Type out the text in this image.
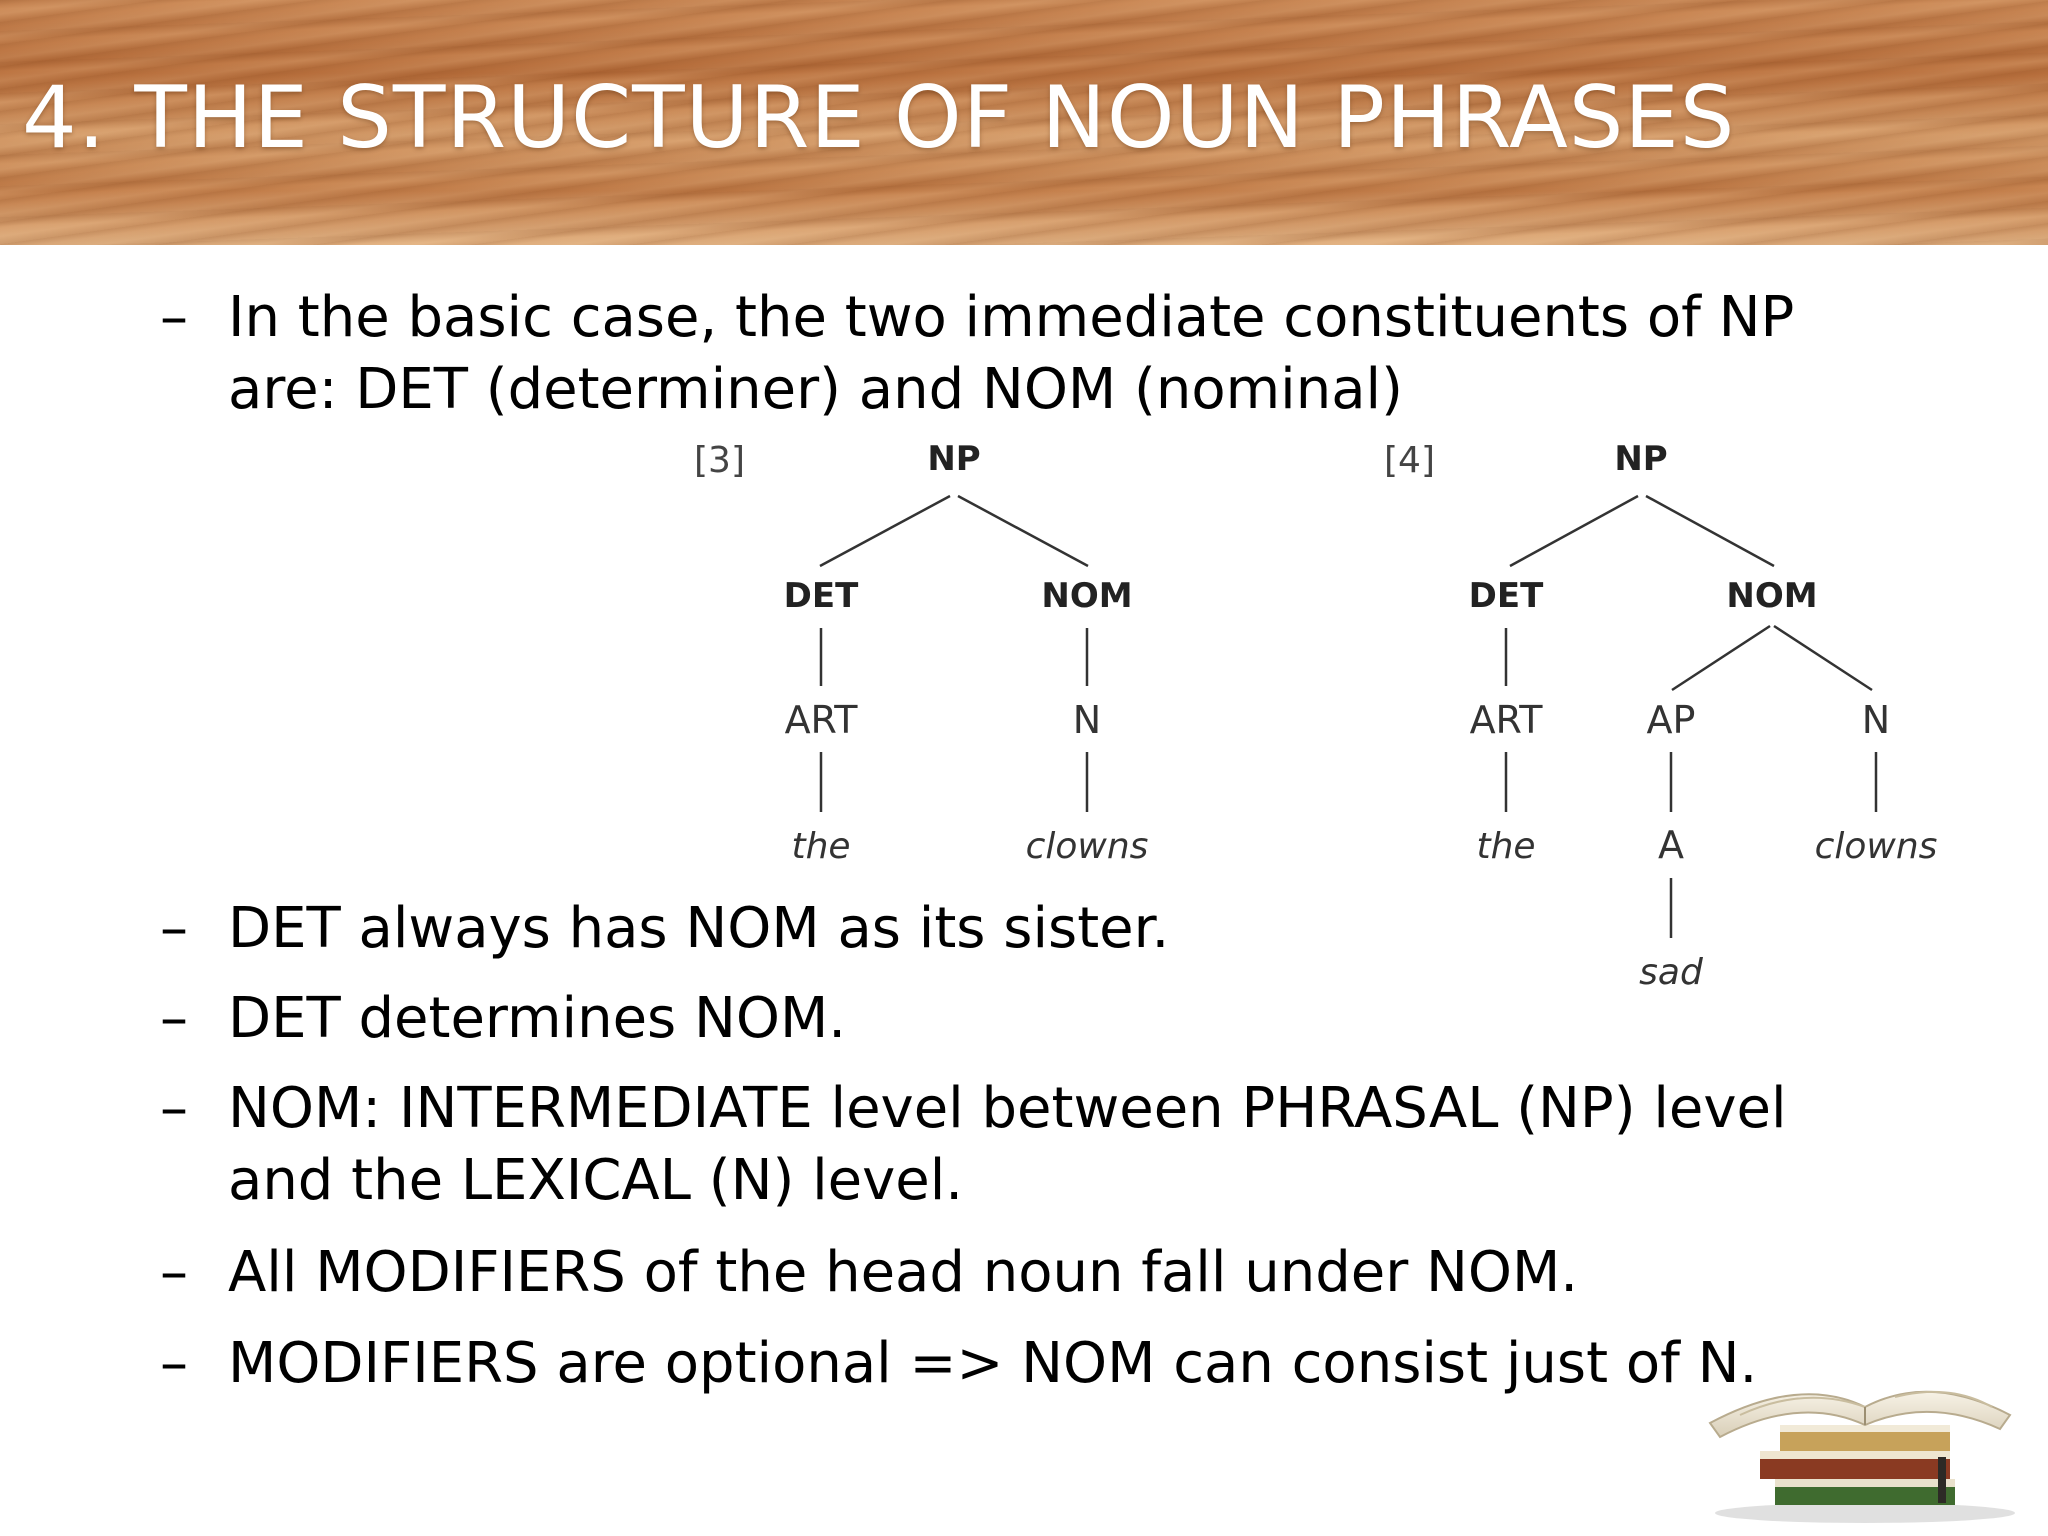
4. THE STRUCTURE OF NOUN PHRASES
– In the basic case, the two immediate constituents of NP
are: DET (determiner) and NOM (nominal)
– DET always has NOM as its sister.
– DET determines NOM.
– NOM: INTERMEDIATE level between PHRASAL (NP) level
and the LEXICAL (N) level.
– All MODIFIERS of the head noun fall under NOM.
– MODIFIERS are optional => NOM can consist just of N.
[3]	NP
DET	NOM
ART	N
the	clowns
[4]	NP
DET	NOM
ART	AP	N
the	A	clowns
sad
